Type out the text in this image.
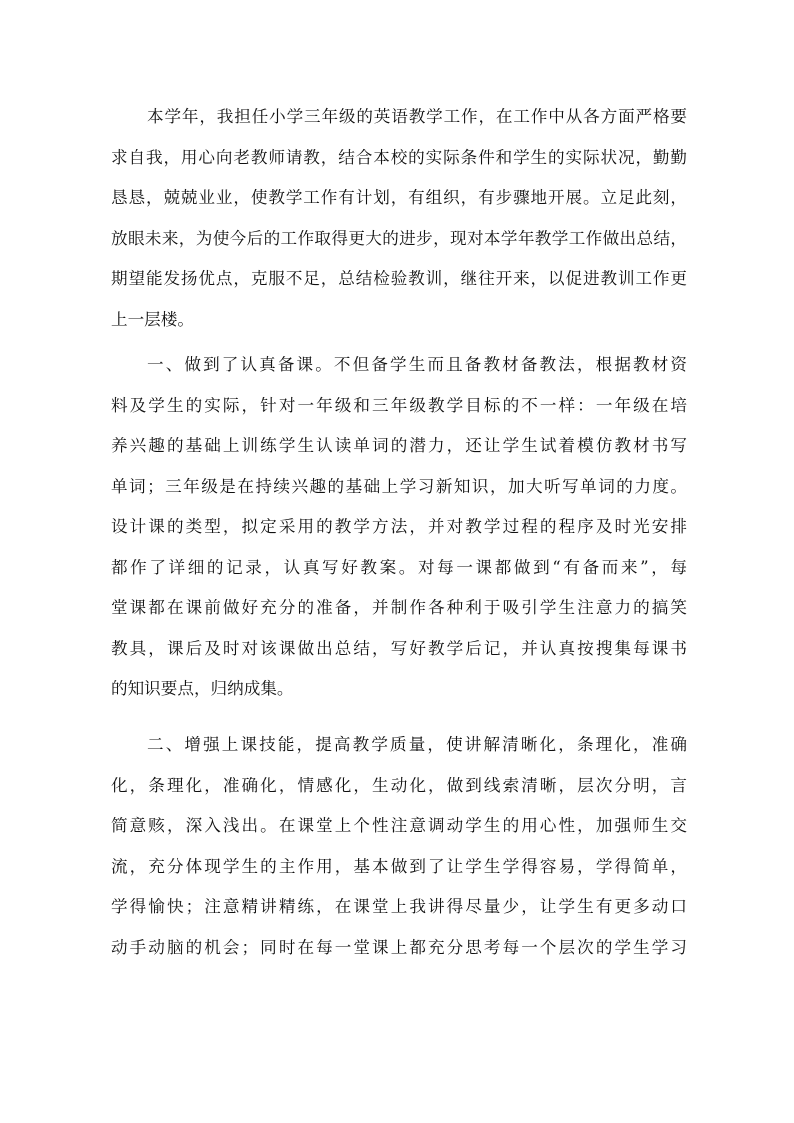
本学年，我担任小学三年级的英语教学工作，在工作中从各方面严格要
求自我，用心向老教师请教，结合本校的实际条件和学生的实际状况，勤勤
恳恳，兢兢业业，使教学工作有计划，有组织，有步骤地开展。立足此刻，
放眼未来，为使今后的工作取得更大的进步，现对本学年教学工作做出总结，
期望能发扬优点，克服不足，总结检验教训，继往开来，以促进教训工作更
上一层楼。
一、做到了认真备课。不但备学生而且备教材备教法，根据教材资
料及学生的实际，针对一年级和三年级教学目标的不一样：一年级在培
养兴趣的基础上训练学生认读单词的潜力，还让学生试着模仿教材书写
单词；三年级是在持续兴趣的基础上学习新知识，加大听写单词的力度。
设计课的类型，拟定采用的教学方法，并对教学过程的程序及时光安排
都作了详细的记录，认真写好教案。对每一课都做到“有备而来”，每
堂课都在课前做好充分的准备，并制作各种利于吸引学生注意力的搞笑
教具，课后及时对该课做出总结，写好教学后记，并认真按搜集每课书
的知识要点，归纳成集。
二、增强上课技能，提高教学质量，使讲解清晰化，条理化，准确
化，条理化，准确化，情感化，生动化，做到线索清晰，层次分明，言
简意赅，深入浅出。在课堂上个性注意调动学生的用心性，加强师生交
流，充分体现学生的主作用，基本做到了让学生学得容易，学得简单，
学得愉快；注意精讲精练，在课堂上我讲得尽量少，让学生有更多动口
动手动脑的机会；同时在每一堂课上都充分思考每一个层次的学生学习
